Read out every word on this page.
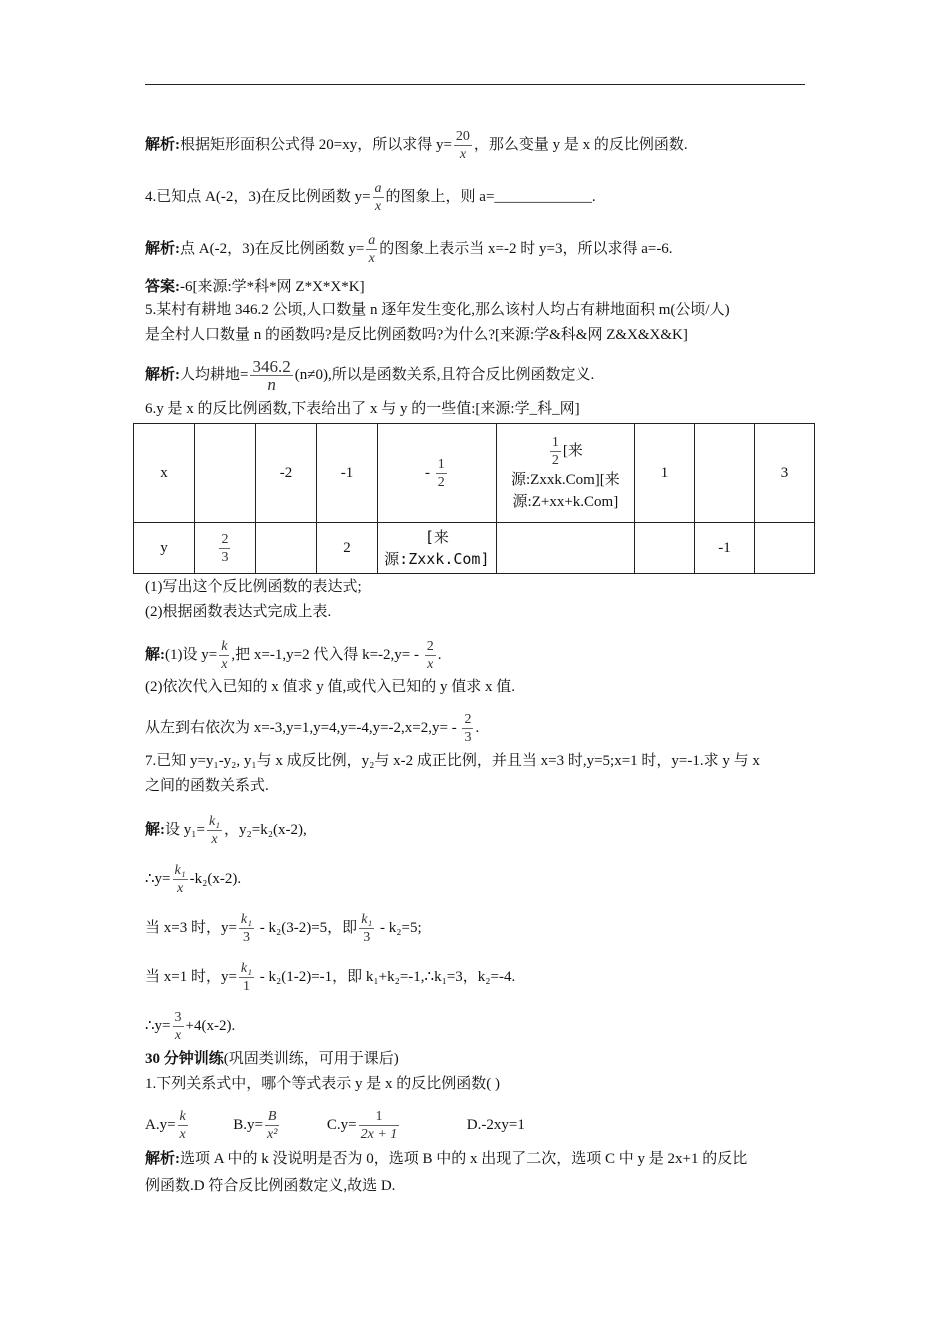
解析:根据矩形面积公式得 20=xy，所以求得 $y= \frac{20}{x}$ ，那么变量 y 是 x 的反比例函数.
4.已知点 A(-2，3)在反比例函数 $y= \frac{a}{x}$ 的图象上，则 a=_____________.
解析:点 A(-2，3)在反比例函数 $y= \frac{a}{x}$ 的图象上表示当 x=-2 时 y=3，所以求得 a=-6.
答案:-6[来源:学*科*网 Z*X*X*K]
5.某村有耕地 346.2 公顷,人口数量 n 逐年发生变化,那么该村人均占有耕地面积 m(公顷/人)
是全村人口数量 n 的函数吗?是反比例函数吗?为什么?[来源:学&科&网 Z&X&X&K]
解析:人均耕地= $\frac{346.2}{n} (n\ne 0)$,所以是函数关系,且符合反比例函数定义.
6.y 是 x 的反比例函数,下表给出了 x 与 y 的一些值:[来源:学_科_网]
x		-2	-1	- $\frac{1}{2}$	$\frac{1}{2}$ [来
源:Zxxk.Com][来
源:Z+xx+k.Com]	1		3
y	$\frac{2}{3}$		2	[来
源:Zxxk.Com]			-1	
(1)写出这个反比例函数的表达式;
(2)根据函数表达式完成上表.
解:(1)设 $y= \frac{k}{x}$ ,把 x=-1,y=2 代入得 $k=-2,y= - \frac{2}{x}$ .
(2)依次代入已知的 x 值求 y 值,或代入已知的 y 值求 x 值.
从左到右依次为 $x=-3,y=1,y=4,y=-4,y=-2,x=2,y= - \frac{2}{3}$ .
7.已知 y=y₁-y₂, y₁与 x 成反比例，y₂与 x-2 成正比例，并且当 x=3 时,y=5;x=1 时，y=-1.求 y 与 x
之间的函数关系式.
解:设 $y_1= \frac{\text{k₁}}{x}$ ，y₂=k₂(x-2),
∴y= $\frac{\text{k₁}}{x} -k_2(x-2)$.
当 x=3 时，$y= \frac{\text{k₁}}{3} - k_2(3-2)=5$，即 $\frac{\text{k₁}}{3} - k_2=5$;
当 x=1 时，$y= \frac{\text{k₁}}{1} - k_2(1-2)=-1$，即 k₁+k₂=-1,∴k₁=3，k₂=-4.
∴y= $\frac{3}{x} +4(x-2)$.
30 分钟训练(巩固类训练，可用于课后)
1.下列关系式中，哪个等式表示 y 是 x 的反比例函数( )
$A.y= \frac{k}{x}$	$B.y= \frac{B}{\text{x²}}$	$C.y= \frac{1}{2x + 1}$	D.-2xy=1
解析:选项 A 中的 k 没说明是否为 0，选项 B 中的 x 出现了二次，选项 C 中 y 是 2x+1 的反比
例函数.D 符合反比例函数定义,故选 D.
